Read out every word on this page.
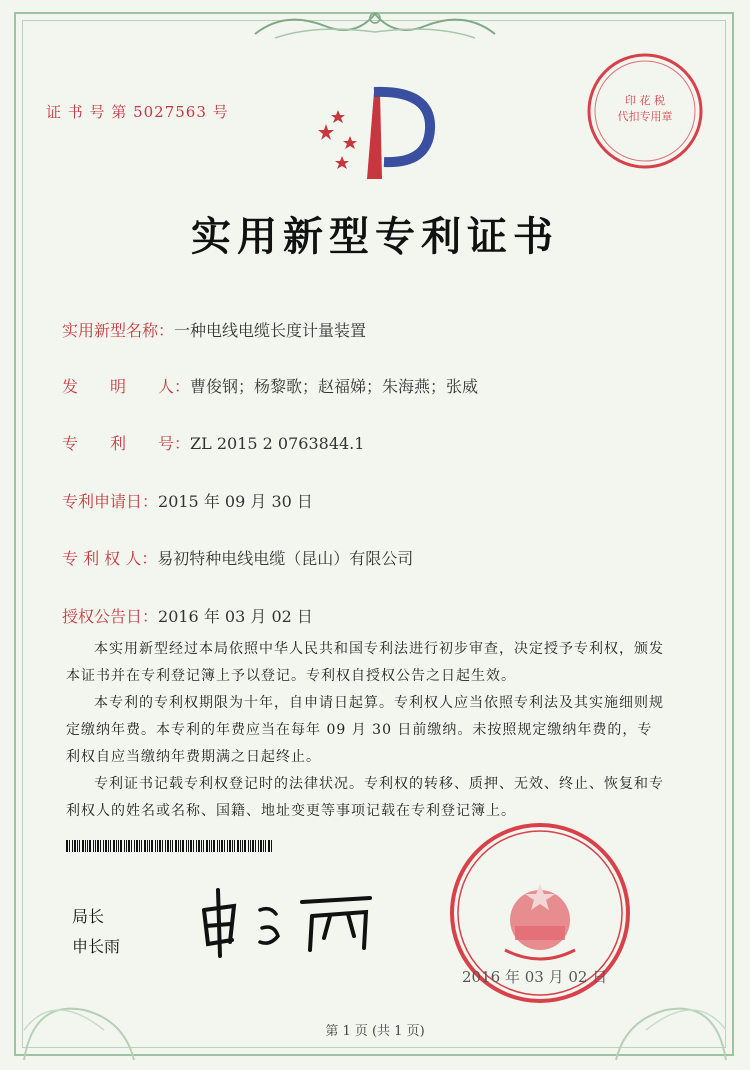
证 书 号 第 5027563 号
印 花 税
代扣专用章
实用新型专利证书
实用新型名称：一种电线电缆长度计量装置
发　　明　　人：曹俊钢；杨黎歌；赵福娣；朱海燕；张威
专　　利　　号：ZL 2015 2 0763844.1
专利申请日：2015 年 09 月 30 日
专 利 权 人：易初特种电线电缆（昆山）有限公司
授权公告日：2016 年 03 月 02 日

本实用新型经过本局依照中华人民共和国专利法进行初步审查，决定授予专利权，颁发本证书并在专利登记簿上予以登记。专利权自授权公告之日起生效。

本专利的专利权期限为十年，自申请日起算。专利权人应当依照专利法及其实施细则规定缴纳年费。本专利的年费应当在每年 09 月 30 日前缴纳。未按照规定缴纳年费的，专利权自应当缴纳年费期满之日起终止。

专利证书记载专利权登记时的法律状况。专利权的转移、质押、无效、终止、恢复和专利权人的姓名或名称、国籍、地址变更等事项记载在专利登记簿上。

局长
申长雨
2016 年 03 月 02 日
第 1 页 (共 1 页)
